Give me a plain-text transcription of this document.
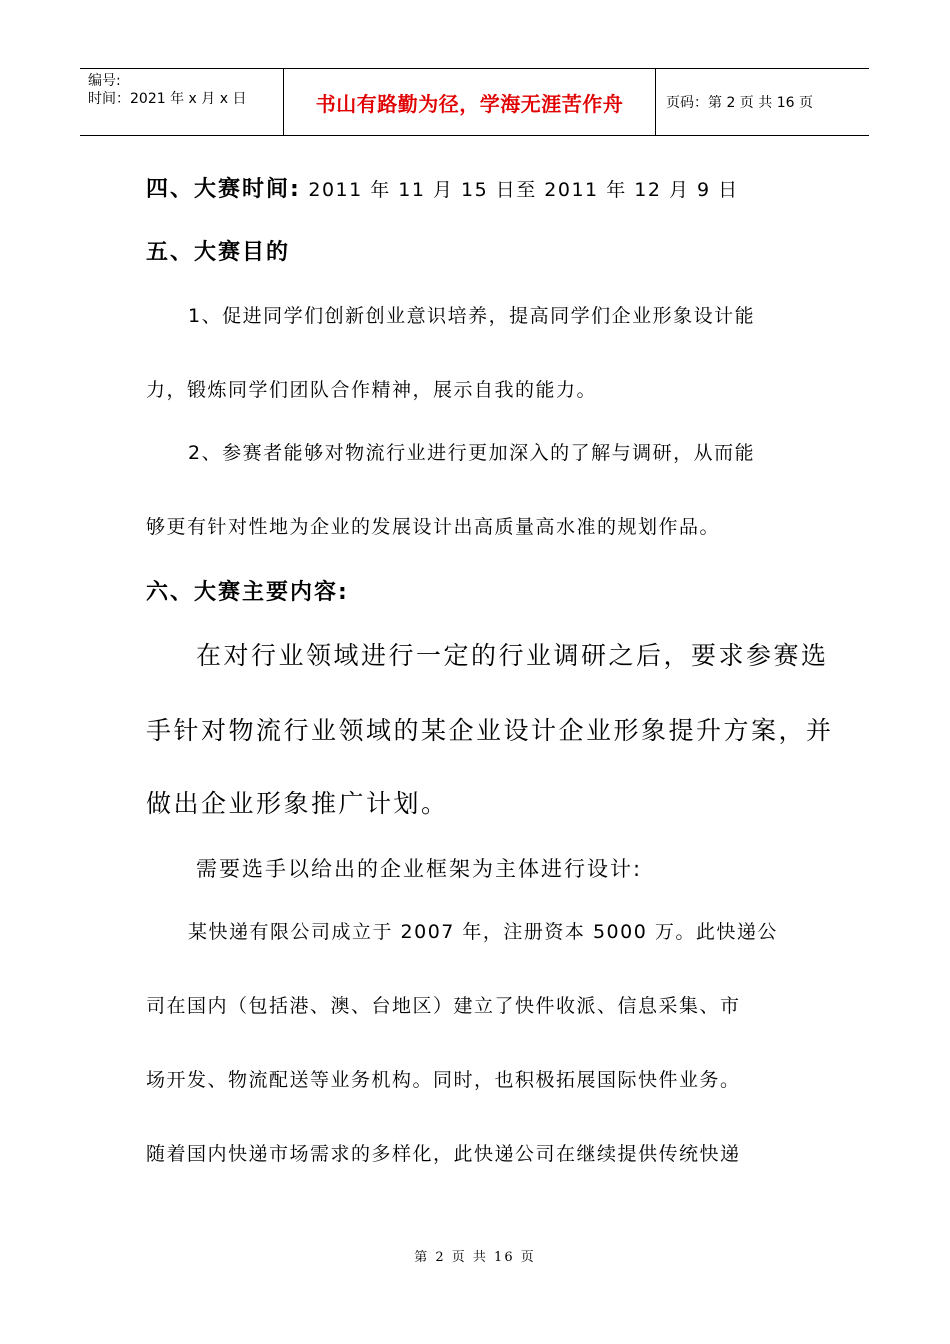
编号:
时间：2021 年 x 月 x 日	书山有路勤为径，学海无涯苦作舟	页码：第 2 页 共 16 页
四、大赛时间: 2011 年 11 月 15 日至 2011 年 12 月 9 日
五、大赛目的
1、促进同学们创新创业意识培养，提高同学们企业形象设计能
力，锻炼同学们团队合作精神，展示自我的能力。
2、参赛者能够对物流行业进行更加深入的了解与调研，从而能
够更有针对性地为企业的发展设计出高质量高水准的规划作品。
六、大赛主要内容:
在对行业领域进行一定的行业调研之后，要求参赛选
手针对物流行业领域的某企业设计企业形象提升方案，并
做出企业形象推广计划。
需要选手以给出的企业框架为主体进行设计:
某快递有限公司成立于 2007 年，注册资本 5000 万。此快递公
司在国内（包括港、澳、台地区）建立了快件收派、信息采集、市
场开发、物流配送等业务机构。同时，也积极拓展国际快件业务。
随着国内快递市场需求的多样化，此快递公司在继续提供传统快递
第 2 页 共 16 页
